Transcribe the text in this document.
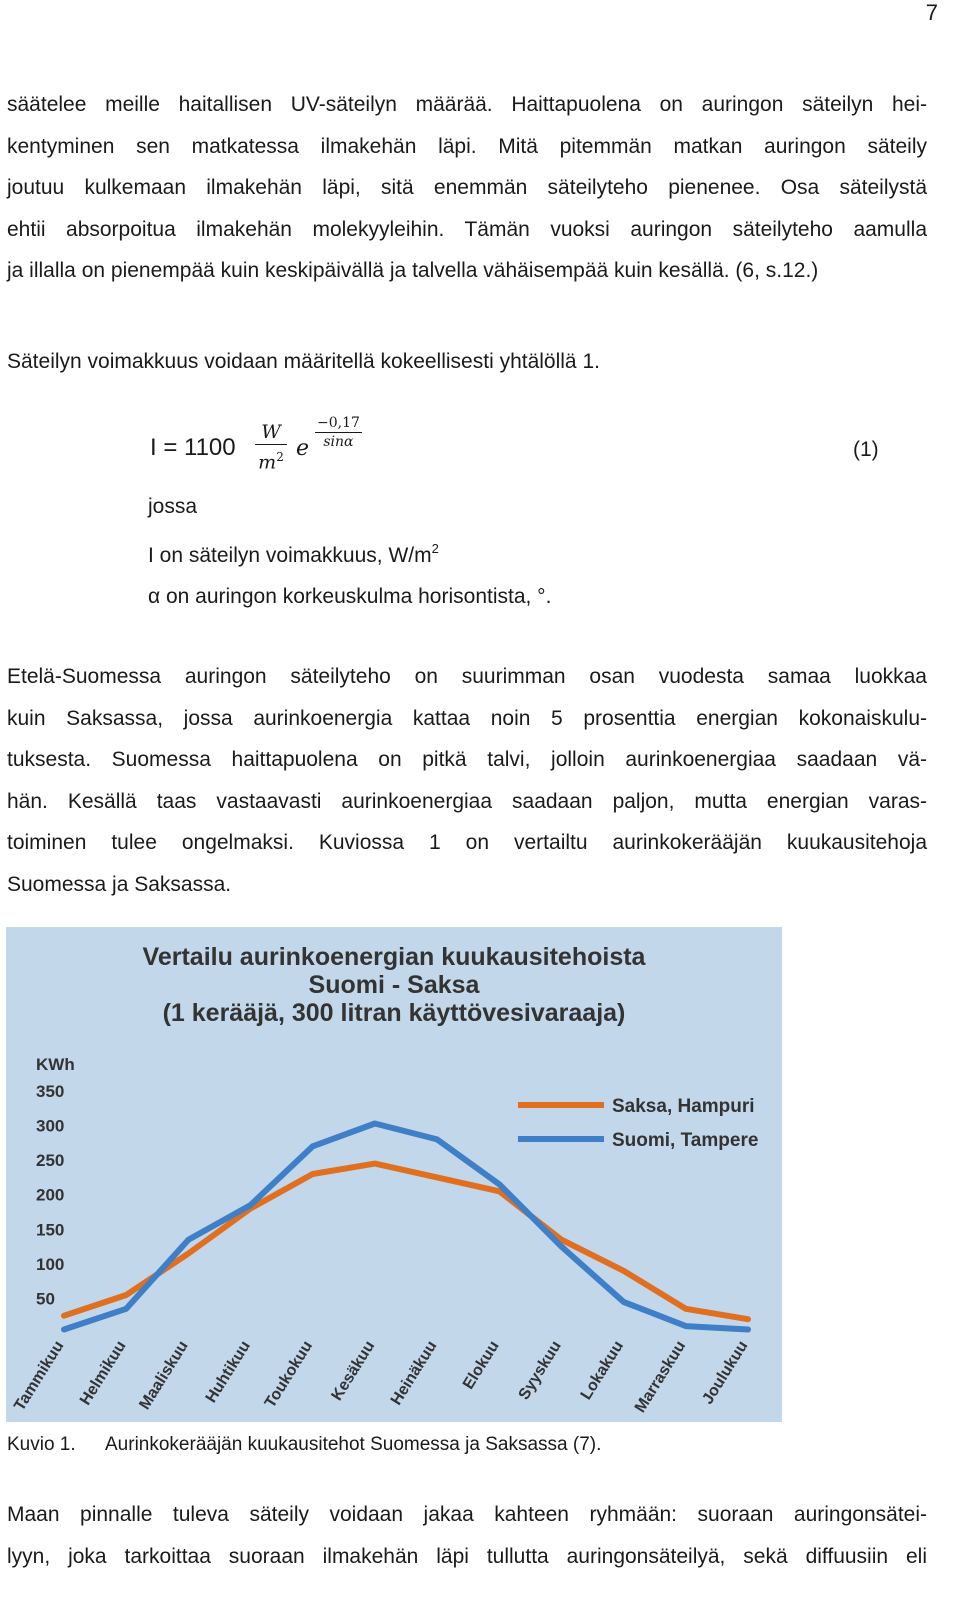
7

säätelee meille haitallisen UV-säteilyn määrää. Haittapuolena on auringon säteilyn hei-
kentyminen sen matkatessa ilmakehän läpi. Mitä pitemmän matkan auringon säteily
joutuu kulkemaan ilmakehän läpi, sitä enemmän säteilyteho pienenee. Osa säteilystä
ehtii absorpoitua ilmakehän molekyyleihin. Tämän vuoksi auringon säteilyteho aamulla
ja illalla on pienempää kuin keskipäivällä ja talvella vähäisempää kuin kesällä. (6, s.12.)

Säteilyn voimakkuus voidaan määritellä kokeellisesti yhtälöllä 1.

$I = 1100 \frac{W}{m^2}$ e $\frac{-0,17}{\sin\alpha}$	(1)
jossa
I on säteilyn voimakkuus, $W/m^2$
α on auringon korkeuskulma horisontista, °.

Etelä-Suomessa auringon säteilyteho on suurimman osan vuodesta samaa luokkaa
kuin Saksassa, jossa aurinkoenergia kattaa noin 5 prosenttia energian kokonaiskulu-
tuksesta. Suomessa haittapuolena on pitkä talvi, jolloin aurinkoenergiaa saadaan vä-
hän. Kesällä taas vastaavasti aurinkoenergiaa saadaan paljon, mutta energian varas-
toiminen tulee ongelmaksi. Kuviossa 1 on vertailtu aurinkokerääjän kuukausitehoja
Suomessa ja Saksassa.

Vertailu aurinkoenergian kuukausitehoista
Suomi - Saksa
(1 kerääjä, 300 litran käyttövesivaraaja)
KWh
50
100
150
200
250
300
350
Tammikuu Helmikuu Maaliskuu Huhtikuu Toukokuu Kesäkuu Heinäkuu Elokuu Syyskuu Lokakuu Marraskuu Joulukuu
Saksa, Hampuri
Suomi, Tampere
Kuvio 1. Aurinkokerääjän kuukausitehot Suomessa ja Saksassa (7).

Maan pinnalle tuleva säteily voidaan jakaa kahteen ryhmään: suoraan auringonsätei-
lyyn, joka tarkoittaa suoraan ilmakehän läpi tullutta auringonsäteilyä, sekä diffuusiin eli
